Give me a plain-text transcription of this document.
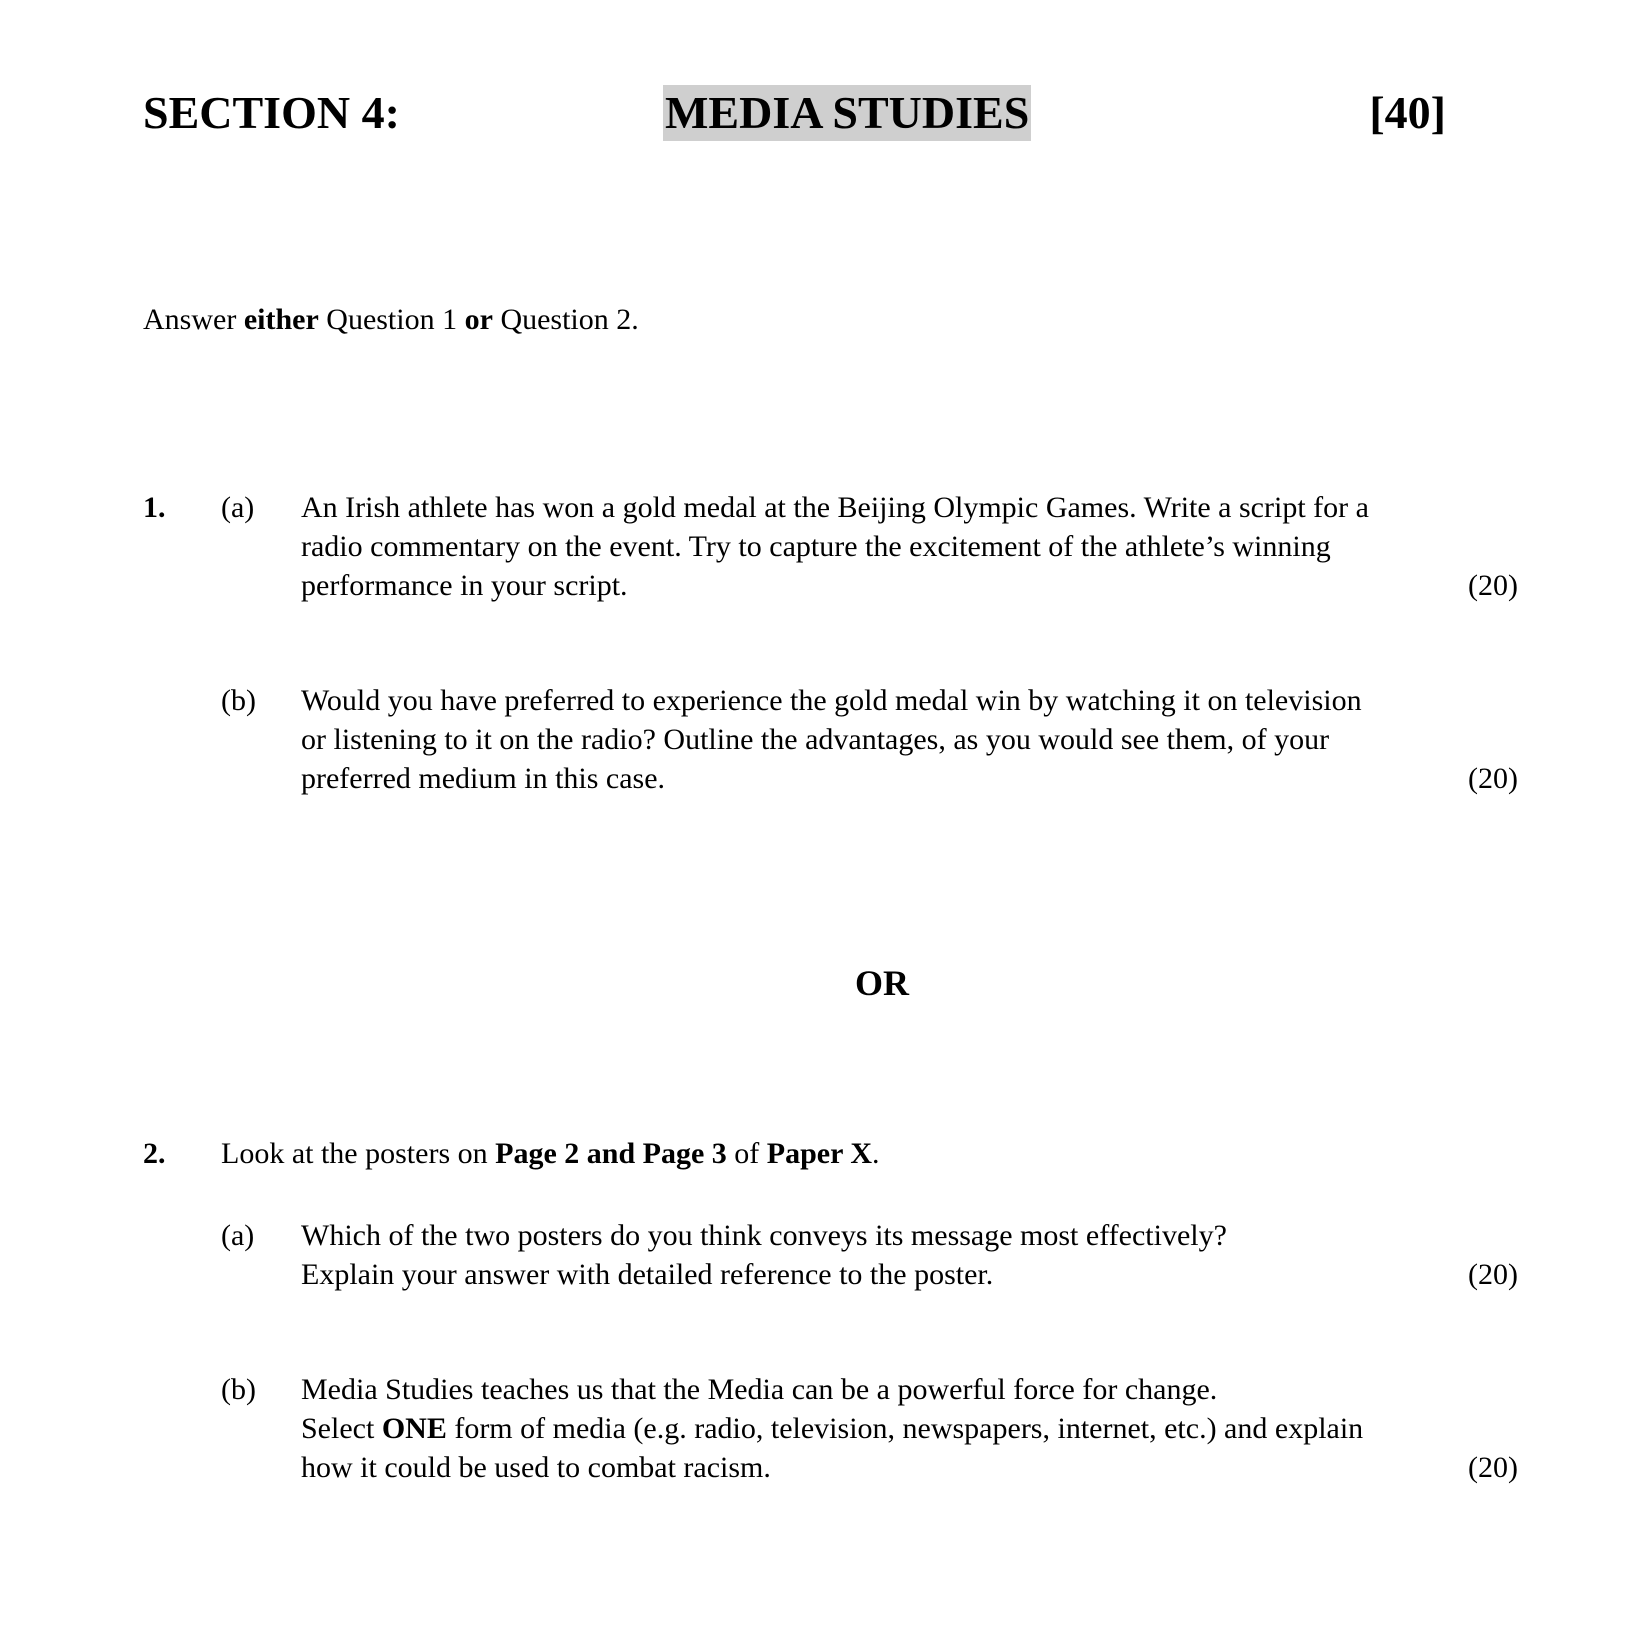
SECTION 4:	MEDIA STUDIES	[40]
Answer either Question 1 or Question 2.
1. (a) An Irish athlete has won a gold medal at the Beijing Olympic Games. Write a script for a
radio commentary on the event. Try to capture the excitement of the athlete’s winning
performance in your script.	(20)
(b) Would you have preferred to experience the gold medal win by watching it on television
or listening to it on the radio? Outline the advantages, as you would see them, of your
preferred medium in this case.	(20)
OR
2. Look at the posters on Page 2 and Page 3 of Paper X.
(a) Which of the two posters do you think conveys its message most effectively?
Explain your answer with detailed reference to the poster.	(20)
(b) Media Studies teaches us that the Media can be a powerful force for change.
Select ONE form of media (e.g. radio, television, newspapers, internet, etc.) and explain
how it could be used to combat racism.	(20)
